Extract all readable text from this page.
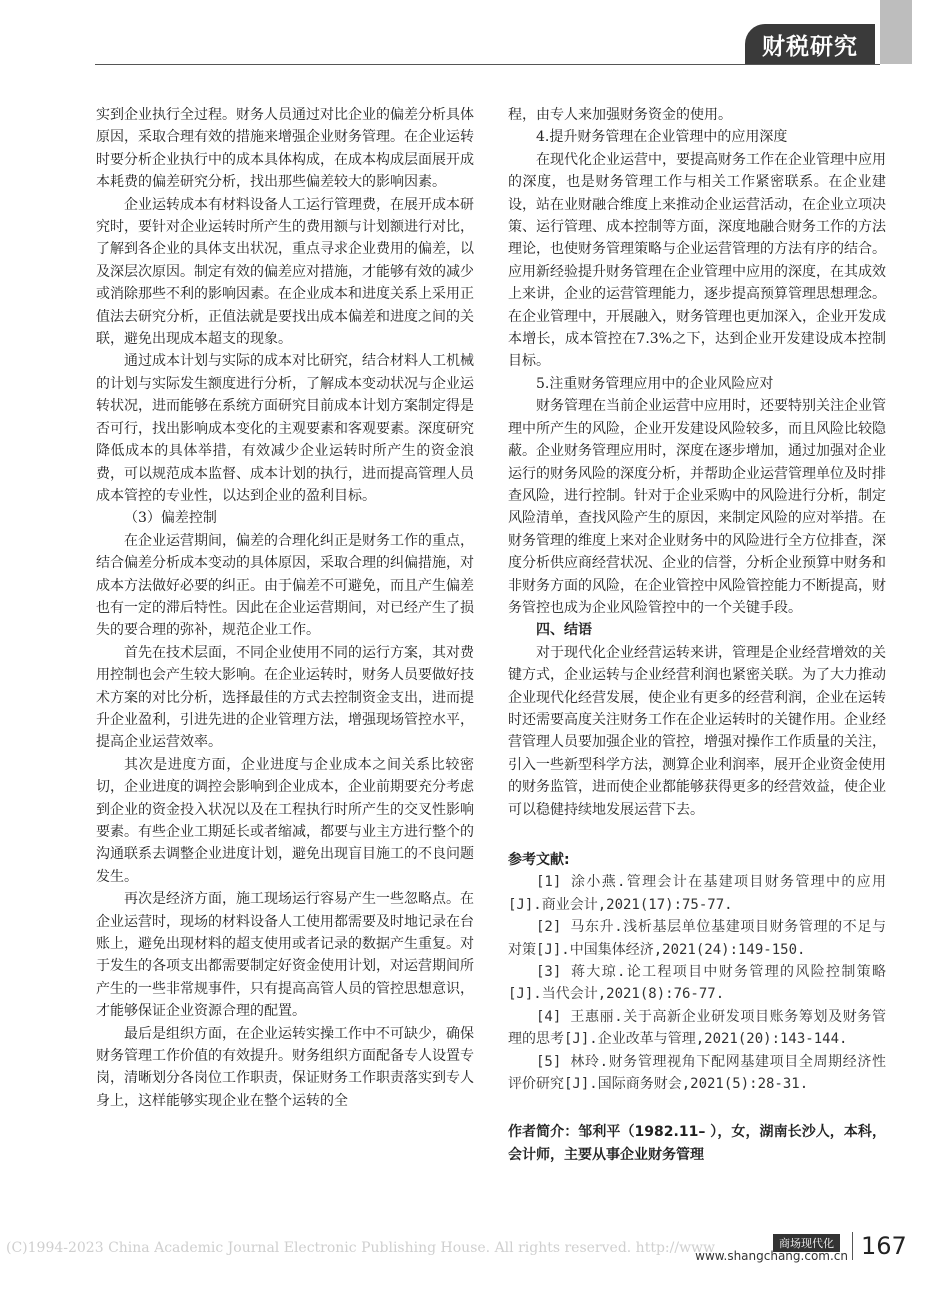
财税研究

实到企业执行全过程。财务人员通过对比企业的偏差分析具体原因，采取合理有效的措施来增强企业财务管理。在企业运转时要分析企业执行中的成本具体构成，在成本构成层面展开成本耗费的偏差研究分析，找出那些偏差较大的影响因素。

企业运转成本有材料设备人工运行管理费，在展开成本研究时，要针对企业运转时所产生的费用额与计划额进行对比，了解到各企业的具体支出状况，重点寻求企业费用的偏差，以及深层次原因。制定有效的偏差应对措施，才能够有效的减少或消除那些不利的影响因素。在企业成本和进度关系上采用正值法去研究分析，正值法就是要找出成本偏差和进度之间的关联，避免出现成本超支的现象。

通过成本计划与实际的成本对比研究，结合材料人工机械的计划与实际发生额度进行分析，了解成本变动状况与企业运转状况，进而能够在系统方面研究目前成本计划方案制定得是否可行，找出影响成本变化的主观要素和客观要素。深度研究降低成本的具体举措，有效减少企业运转时所产生的资金浪费，可以规范成本监督、成本计划的执行，进而提高管理人员成本管控的专业性，以达到企业的盈利目标。

（3）偏差控制

在企业运营期间，偏差的合理化纠正是财务工作的重点，结合偏差分析成本变动的具体原因，采取合理的纠偏措施，对成本方法做好必要的纠正。由于偏差不可避免，而且产生偏差也有一定的滞后特性。因此在企业运营期间，对已经产生了损失的要合理的弥补，规范企业工作。

首先在技术层面，不同企业使用不同的运行方案，其对费用控制也会产生较大影响。在企业运转时，财务人员要做好技术方案的对比分析，选择最佳的方式去控制资金支出，进而提升企业盈利，引进先进的企业管理方法，增强现场管控水平，提高企业运营效率。

其次是进度方面，企业进度与企业成本之间关系比较密切，企业进度的调控会影响到企业成本，企业前期要充分考虑到企业的资金投入状况以及在工程执行时所产生的交叉性影响要素。有些企业工期延长或者缩减，都要与业主方进行整个的沟通联系去调整企业进度计划，避免出现盲目施工的不良问题发生。

再次是经济方面，施工现场运行容易产生一些忽略点。在企业运营时，现场的材料设备人工使用都需要及时地记录在台账上，避免出现材料的超支使用或者记录的数据产生重复。对于发生的各项支出都需要制定好资金使用计划，对运营期间所产生的一些非常规事件，只有提高高管人员的管控思想意识，才能够保证企业资源合理的配置。

最后是组织方面，在企业运转实操工作中不可缺少，确保财务管理工作价值的有效提升。财务组织方面配备专人设置专岗，清晰划分各岗位工作职责，保证财务工作职责落实到专人身上，这样能够实现企业在整个运转的全

程，由专人来加强财务资金的使用。

4.提升财务管理在企业管理中的应用深度

在现代化企业运营中，要提高财务工作在企业管理中应用的深度，也是财务管理工作与相关工作紧密联系。在企业建设，站在业财融合维度上来推动企业运营活动，在企业立项决策、运行管理、成本控制等方面，深度地融合财务工作的方法理论，也使财务管理策略与企业运营管理的方法有序的结合。应用新经验提升财务管理在企业管理中应用的深度，在其成效上来讲，企业的运营管理能力，逐步提高预算管理思想理念。在企业管理中，开展融入，财务管理也更加深入，企业开发成本增长，成本管控在7.3%之下，达到企业开发建设成本控制目标。

5.注重财务管理应用中的企业风险应对

财务管理在当前企业运营中应用时，还要特别关注企业管理中所产生的风险，企业开发建设风险较多，而且风险比较隐蔽。企业财务管理应用时，深度在逐步增加，通过加强对企业运行的财务风险的深度分析，并帮助企业运营管理单位及时排查风险，进行控制。针对于企业采购中的风险进行分析，制定风险清单，查找风险产生的原因，来制定风险的应对举措。在财务管理的维度上来对企业财务中的风险进行全方位排查，深度分析供应商经营状况、企业的信誉，分析企业预算中财务和非财务方面的风险，在企业管控中风险管控能力不断提高，财务管控也成为企业风险管控中的一个关键手段。

四、结语

对于现代化企业经营运转来讲，管理是企业经营增效的关键方式，企业运转与企业经营利润也紧密关联。为了大力推动企业现代化经营发展，使企业有更多的经营利润，企业在运转时还需要高度关注财务工作在企业运转时的关键作用。企业经营管理人员要加强企业的管控，增强对操作工作质量的关注，引入一些新型科学方法，测算企业利润率，展开企业资金使用的财务监管，进而使企业都能够获得更多的经营效益，使企业可以稳健持续地发展运营下去。

参考文献:

[1] 涂小燕.管理会计在基建项目财务管理中的应用[J].商业会计,2021(17):75-77.

[2] 马东升.浅析基层单位基建项目财务管理的不足与对策[J].中国集体经济,2021(24):149-150.

[3] 蒋大琼.论工程项目中财务管理的风险控制策略[J].当代会计,2021(8):76-77.

[4] 王惠丽.关于高新企业研发项目账务筹划及财务管理的思考[J].企业改革与管理,2021(20):143-144.

[5] 林玲.财务管理视角下配网基建项目全周期经济性评价研究[J].国际商务财会,2021(5):28-31.

作者简介：邹利平（1982.11– ），女，湖南长沙人，本科，会计师，主要从事企业财务管理

(C)1994-2023 China Academic Journal Electronic Publishing House. All rights reserved. http://www	商场现代化
www.shangchang.com.cn 167
